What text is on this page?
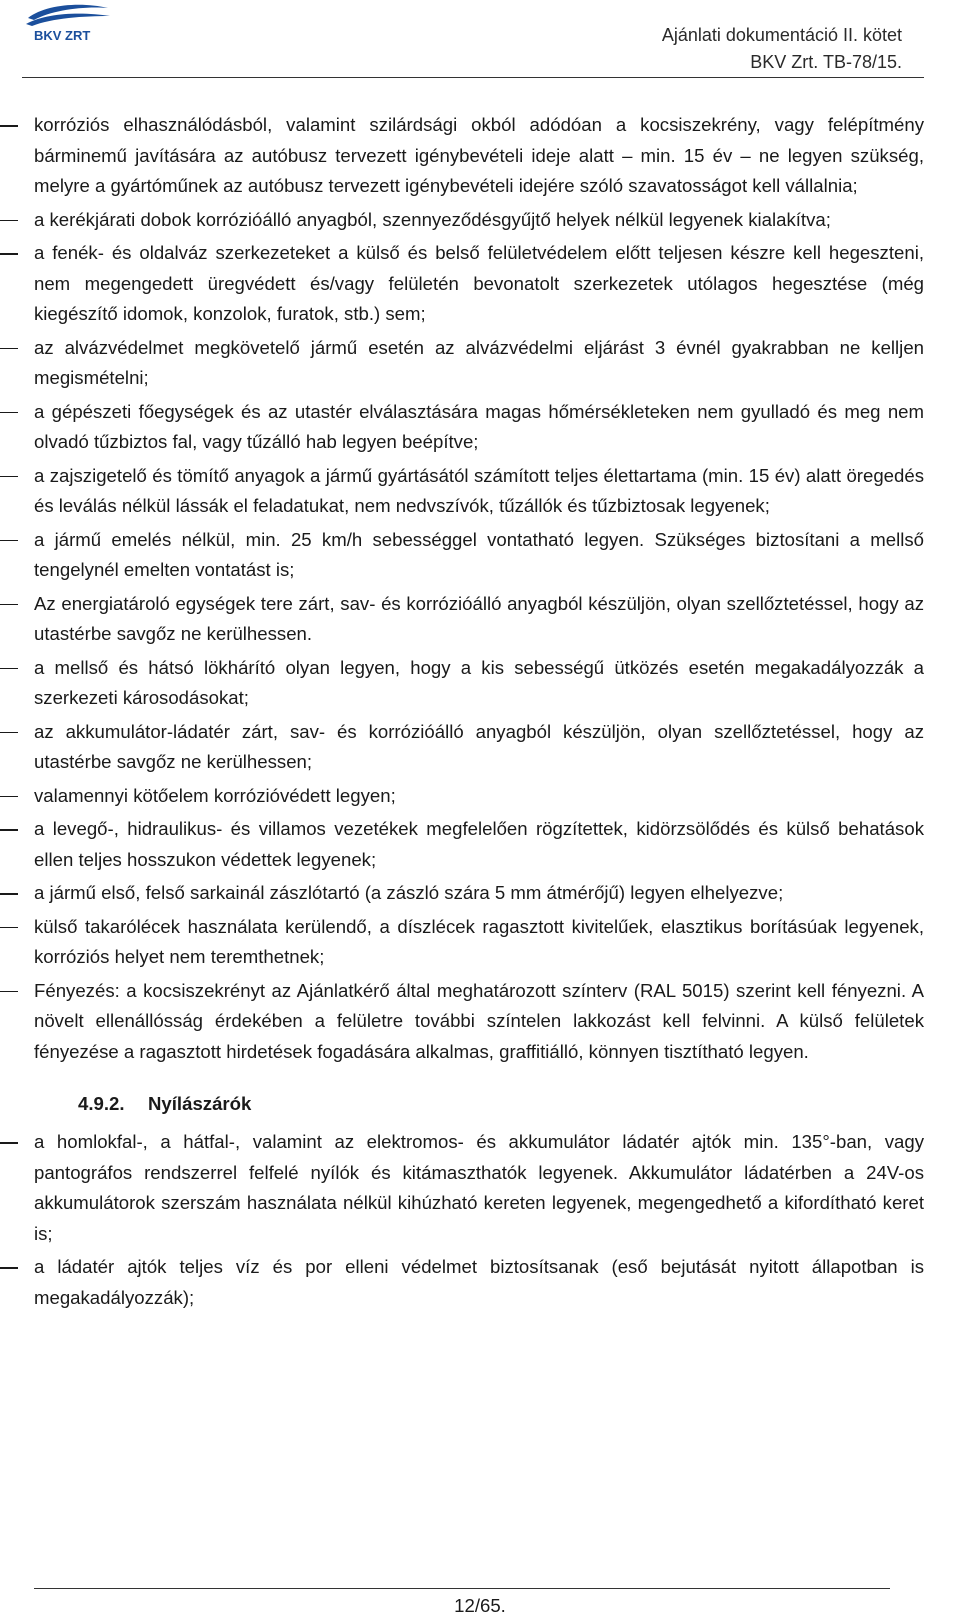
BKV ZRT	Ajánlati dokumentáció II. kötet
BKV Zrt. TB-78/15.
korróziós elhasználódásból, valamint szilárdsági okból adódóan a kocsiszekrény, vagy felépítmény bárminemű javítására az autóbusz tervezett igénybevételi ideje alatt – min. 15 év – ne legyen szükség, melyre a gyártóműnek az autóbusz tervezett igénybevételi idejére szóló szavatosságot kell vállalnia;
a kerékjárati dobok korrózióálló anyagból, szennyeződésgyűjtő helyek nélkül legyenek kialakítva;
a fenék- és oldalváz szerkezeteket a külső és belső felületvédelem előtt teljesen készre kell hegeszteni, nem megengedett üregvédett és/vagy felületén bevonatolt szerkezetek utólagos hegesztése (még kiegészítő idomok, konzolok, furatok, stb.) sem;
az alvázvédelmet megkövetelő jármű esetén az alvázvédelmi eljárást 3 évnél gyakrabban ne kelljen megismételni;
a gépészeti főegységek és az utastér elválasztására magas hőmérsékleteken nem gyulladó és meg nem olvadó tűzbiztos fal, vagy tűzálló hab legyen beépítve;
a zajszigetelő és tömítő anyagok a jármű gyártásától számított teljes élettartama (min. 15 év) alatt öregedés és leválás nélkül lássák el feladatukat, nem nedvszívók, tűzállók és tűzbiztosak legyenek;
a jármű emelés nélkül, min. 25 km/h sebességgel vontatható legyen. Szükséges biztosítani a mellső tengelynél emelten vontatást is;
Az energiatároló egységek tere zárt, sav- és korrózióálló anyagból készüljön, olyan szellőztetéssel, hogy az utastérbe savgőz ne kerülhessen.
a mellső és hátsó lökhárító olyan legyen, hogy a kis sebességű ütközés esetén megakadályozzák a szerkezeti károsodásokat;
az akkumulátor-ládatér zárt, sav- és korrózióálló anyagból készüljön, olyan szellőztetéssel, hogy az utastérbe savgőz ne kerülhessen;
valamennyi kötőelem korrózióvédett legyen;
a levegő-, hidraulikus- és villamos vezetékek megfelelően rögzítettek, kidörzsölődés és külső behatások ellen teljes hosszukon védettek legyenek;
a jármű első, felső sarkainál zászlótartó (a zászló szára 5 mm átmérőjű) legyen elhelyezve;
külső takarólécek használata kerülendő, a díszlécek ragasztott kivitelűek, elasztikus borításúak legyenek, korróziós helyet nem teremthetnek;
Fényezés: a kocsiszekrényt az Ajánlatkérő által meghatározott színterv (RAL 5015) szerint kell fényezni. A növelt ellenállósság érdekében a felületre további színtelen lakkozást kell felvinni. A külső felületek fényezése a ragasztott hirdetések fogadására alkalmas, graffitiálló, könnyen tisztítható legyen.
4.9.2. Nyílászárók
a homlokfal-, a hátfal-, valamint az elektromos- és akkumulátor ládatér ajtók min. 135°-ban, vagy pantográfos rendszerrel felfelé nyílók és kitámaszthatók legyenek. Akkumulátor ládatérben a 24V-os akkumulátorok szerszám használata nélkül kihúzható kereten legyenek, megengedhető a kifordítható keret is;
a ládatér ajtók teljes víz és por elleni védelmet biztosítsanak (eső bejutását nyitott állapotban is megakadályozzák);
12/65.
